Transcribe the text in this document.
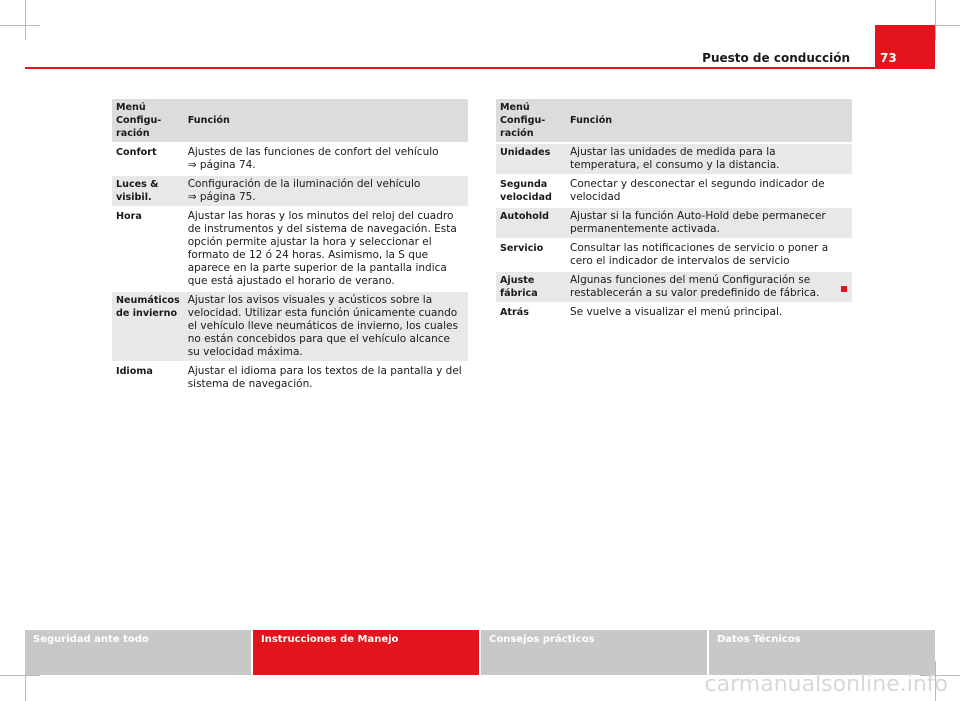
Puesto de conducción	73
Menú Configu-
ración	Función
Confort	Ajustes de las funciones de confort del vehículo
⇒ página 74.
Luces & visibil.	Configuración de la iluminación del vehículo
⇒ página 75.
Hora	Ajustar las horas y los minutos del reloj del cuadro de instrumentos y del sistema de navegación. Esta opción permite ajustar la hora y seleccionar el formato de 12 ó 24 horas. Asimismo, la S que aparece en la parte superior de la pantalla indica que está ajustado el horario de verano.
Neumáticos de invierno	Ajustar los avisos visuales y acústicos sobre la velocidad. Utilizar esta función únicamente cuando el vehículo lleve neumáticos de invierno, los cuales no están concebidos para que el vehículo alcance su velocidad máxima.
Idioma	Ajustar el idioma para los textos de la pantalla y del sistema de navegación.
Menú Configu-
ración	Función
Unidades	Ajustar las unidades de medida para la temperatura, el consumo y la distancia.
Segunda velocidad	Conectar y desconectar el segundo indicador de velocidad
Autohold	Ajustar si la función Auto-Hold debe permanecer permanentemente activada.
Servicio	Consultar las notificaciones de servicio o poner a cero el indicador de intervalos de servicio
Ajuste fábrica	Algunas funciones del menú Configuración se restablecerán a su valor predefinido de fábrica.
Atrás	Se vuelve a visualizar el menú principal.
Seguridad ante todo	Instrucciones de Manejo	Consejos prácticos	Datos Técnicos
carmanualsonline.info
